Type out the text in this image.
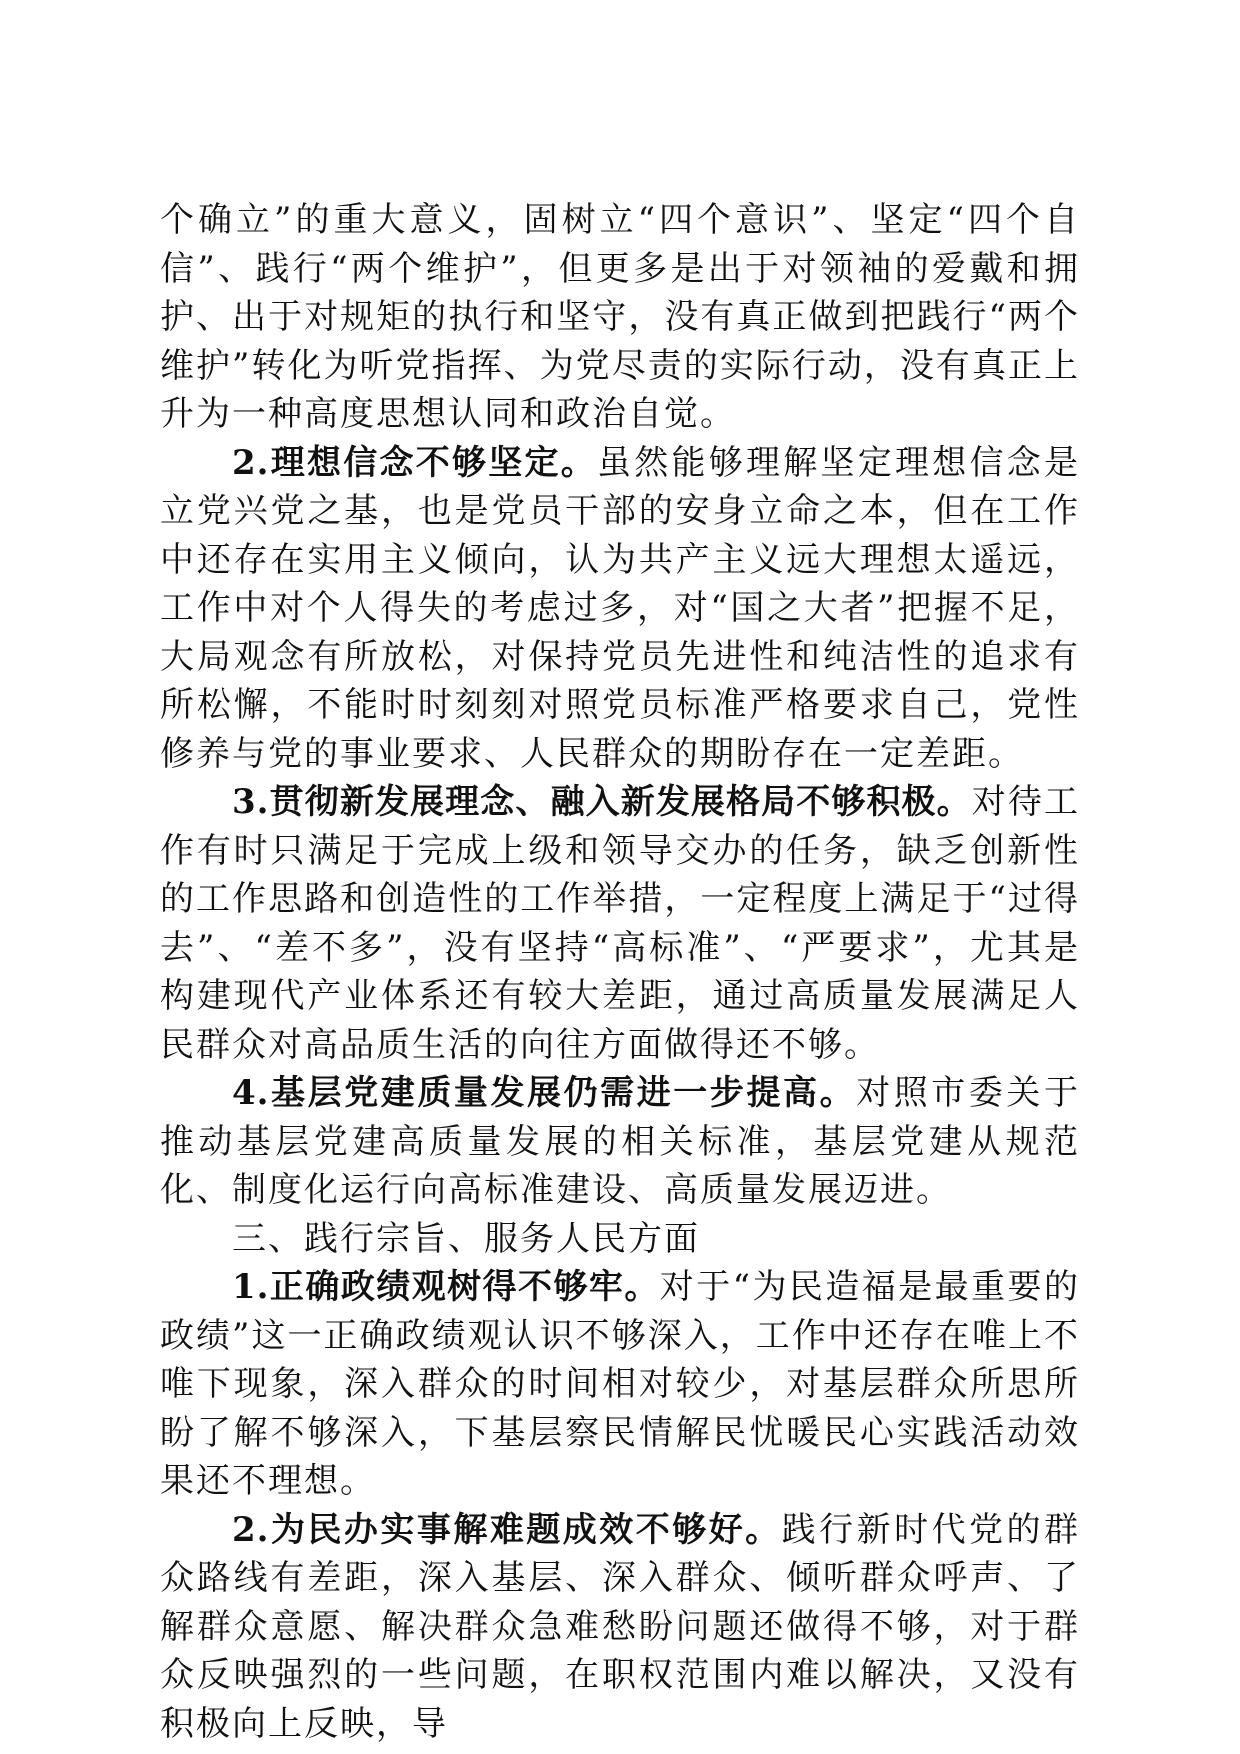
个确立”的重大意义，固树立“四个意识”、坚定“四个自信”、践行“两个维护”，但更多是出于对领袖的爱戴和拥护、出于对规矩的执行和坚守，没有真正做到把践行“两个维护”转化为听党指挥、为党尽责的实际行动，没有真正上升为一种高度思想认同和政治自觉。

2.理想信念不够坚定。虽然能够理解坚定理想信念是立党兴党之基，也是党员干部的安身立命之本，但在工作中还存在实用主义倾向，认为共产主义远大理想太遥远，工作中对个人得失的考虑过多，对“国之大者”把握不足，大局观念有所放松，对保持党员先进性和纯洁性的追求有所松懈，不能时时刻刻对照党员标准严格要求自己，党性修养与党的事业要求、人民群众的期盼存在一定差距。

3.贯彻新发展理念、融入新发展格局不够积极。对待工作有时只满足于完成上级和领导交办的任务，缺乏创新性的工作思路和创造性的工作举措，一定程度上满足于“过得去”、“差不多”，没有坚持“高标准”、“严要求”，尤其是构建现代产业体系还有较大差距，通过高质量发展满足人民群众对高品质生活的向往方面做得还不够。

4.基层党建质量发展仍需进一步提高。对照市委关于推动基层党建高质量发展的相关标准，基层党建从规范化、制度化运行向高标准建设、高质量发展迈进。

三、践行宗旨、服务人民方面

1.正确政绩观树得不够牢。对于“为民造福是最重要的政绩”这一正确政绩观认识不够深入，工作中还存在唯上不唯下现象，深入群众的时间相对较少，对基层群众所思所盼了解不够深入，下基层察民情解民忧暖民心实践活动效果还不理想。

2.为民办实事解难题成效不够好。践行新时代党的群众路线有差距，深入基层、深入群众、倾听群众呼声、了解群众意愿、解决群众急难愁盼问题还做得不够，对于群众反映强烈的一些问题，在职权范围内难以解决，又没有积极向上反映，导
